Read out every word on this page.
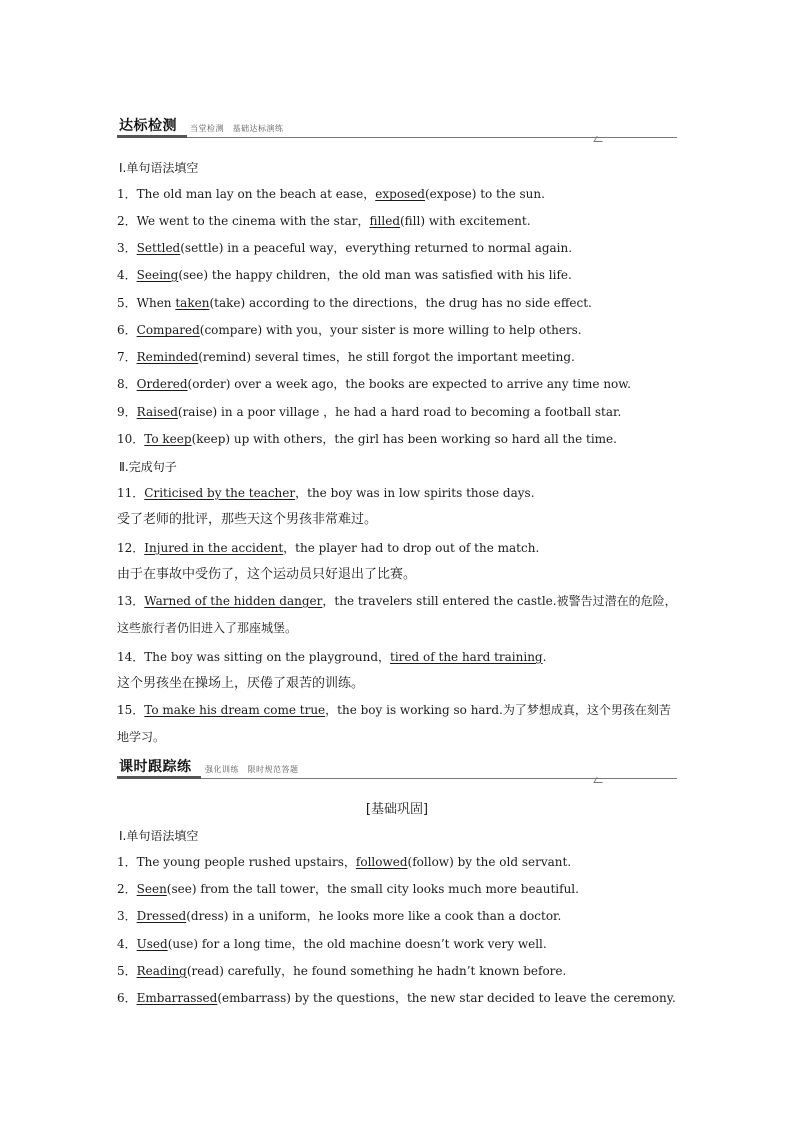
达标检测 当堂检测　基础达标演练
Ⅰ.单句语法填空
1．The old man lay on the beach at ease，exposed(expose) to the sun.
2．We went to the cinema with the star，filled(fill) with excitement.
3．Settled(settle) in a peaceful way，everything returned to normal again.
4．Seeing(see) the happy children，the old man was satisfied with his life.
5．When taken(take) according to the directions，the drug has no side effect.
6．Compared(compare) with you，your sister is more willing to help others.
7．Reminded(remind) several times，he still forgot the important meeting.
8．Ordered(order) over a week ago，the books are expected to arrive any time now.
9．Raised(raise) in a poor village ，he had a hard road to becoming a football star.
10．To keep(keep) up with others，the girl has been working so hard all the time.
Ⅱ.完成句子
11．Criticised by the teacher，the boy was in low spirits those days.
受了老师的批评，那些天这个男孩非常难过。
12．Injured in the accident，the player had to drop out of the match.
由于在事故中受伤了，这个运动员只好退出了比赛。
13．Warned of the hidden danger，the travelers still entered the castle.被警告过潜在的危险，这些旅行者仍旧进入了那座城堡。
14．The boy was sitting on the playground，tired of the hard training.
这个男孩坐在操场上，厌倦了艰苦的训练。
15．To make his dream come true，the boy is working so hard.为了梦想成真，这个男孩在刻苦地学习。
课时跟踪练 强化训练　限时规范答题
[基础巩固]
Ⅰ.单句语法填空
1．The young people rushed upstairs，followed(follow) by the old servant.
2．Seen(see) from the tall tower，the small city looks much more beautiful.
3．Dressed(dress) in a uniform，he looks more like a cook than a doctor.
4．Used(use) for a long time，the old machine doesn’t work very well.
5．Reading(read) carefully，he found something he hadn’t known before.
6．Embarrassed(embarrass) by the questions，the new star decided to leave the ceremony.
